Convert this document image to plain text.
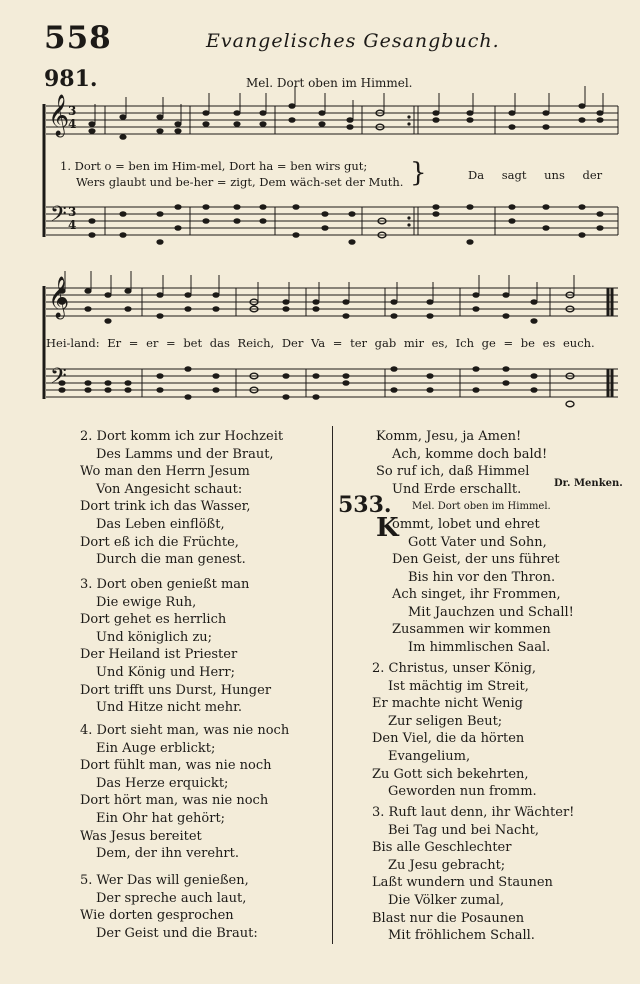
558	Evangelisches Gesangbuch.
981.	Mel. Dort oben im Himmel.
𝄞
3
4
𝄢 3
4
𝄞
𝄢
1. Dort o = ben im Him-mel, Dort ha = ben wirs gut;
Wers glaubt und be-her = zigt, Dem wäch-set der Muth. }	Da sagt uns der
Hei-land: Er = er = bet das Reich, Der Va = ter gab mir es, Ich ge = be es euch.
2. Dort komm ich zur Hochzeit
Des Lamms und der Braut,
Wo man den Herrn Jesum
Von Angesicht schaut:
Dort trink ich das Wasser,
Das Leben einflößt,
Dort eß ich die Früchte,
Durch die man genest.
3. Dort oben genießt man
Die ewige Ruh,
Dort gehet es herrlich
Und königlich zu;
Der Heiland ist Priester
Und König und Herr;
Dort trifft uns Durst, Hunger
Und Hitze nicht mehr.
4. Dort sieht man, was nie noch
Ein Auge erblickt;
Dort fühlt man, was nie noch
Das Herze erquickt;
Dort hört man, was nie noch
Ein Ohr hat gehört;
Was Jesus bereitet
Dem, der ihn verehrt.
5. Wer Das will genießen,
Der spreche auch laut,
Wie dorten gesprochen
Der Geist und die Braut:
Komm, Jesu, ja Amen!
Ach, komme doch bald!
So ruf ich, daß Himmel
Und Erde erschallt.	Dr. Menken.
533. Mel. Dort oben im Himmel.
K
ommt, lobet und ehret
Gott Vater und Sohn,
Den Geist, der uns führet
Bis hin vor den Thron.
Ach singet, ihr Frommen,
Mit Jauchzen und Schall!
Zusammen wir kommen
Im himmlischen Saal.
2. Christus, unser König,
Ist mächtig im Streit,
Er machte nicht Wenig
Zur seligen Beut;
Den Viel, die da hörten
Evangelium,
Zu Gott sich bekehrten,
Geworden nun fromm.
3. Ruft laut denn, ihr Wächter!
Bei Tag und bei Nacht,
Bis alle Geschlechter
Zu Jesu gebracht;
Laßt wundern und Staunen
Die Völker zumal,
Blast nur die Posaunen
Mit fröhlichem Schall.
